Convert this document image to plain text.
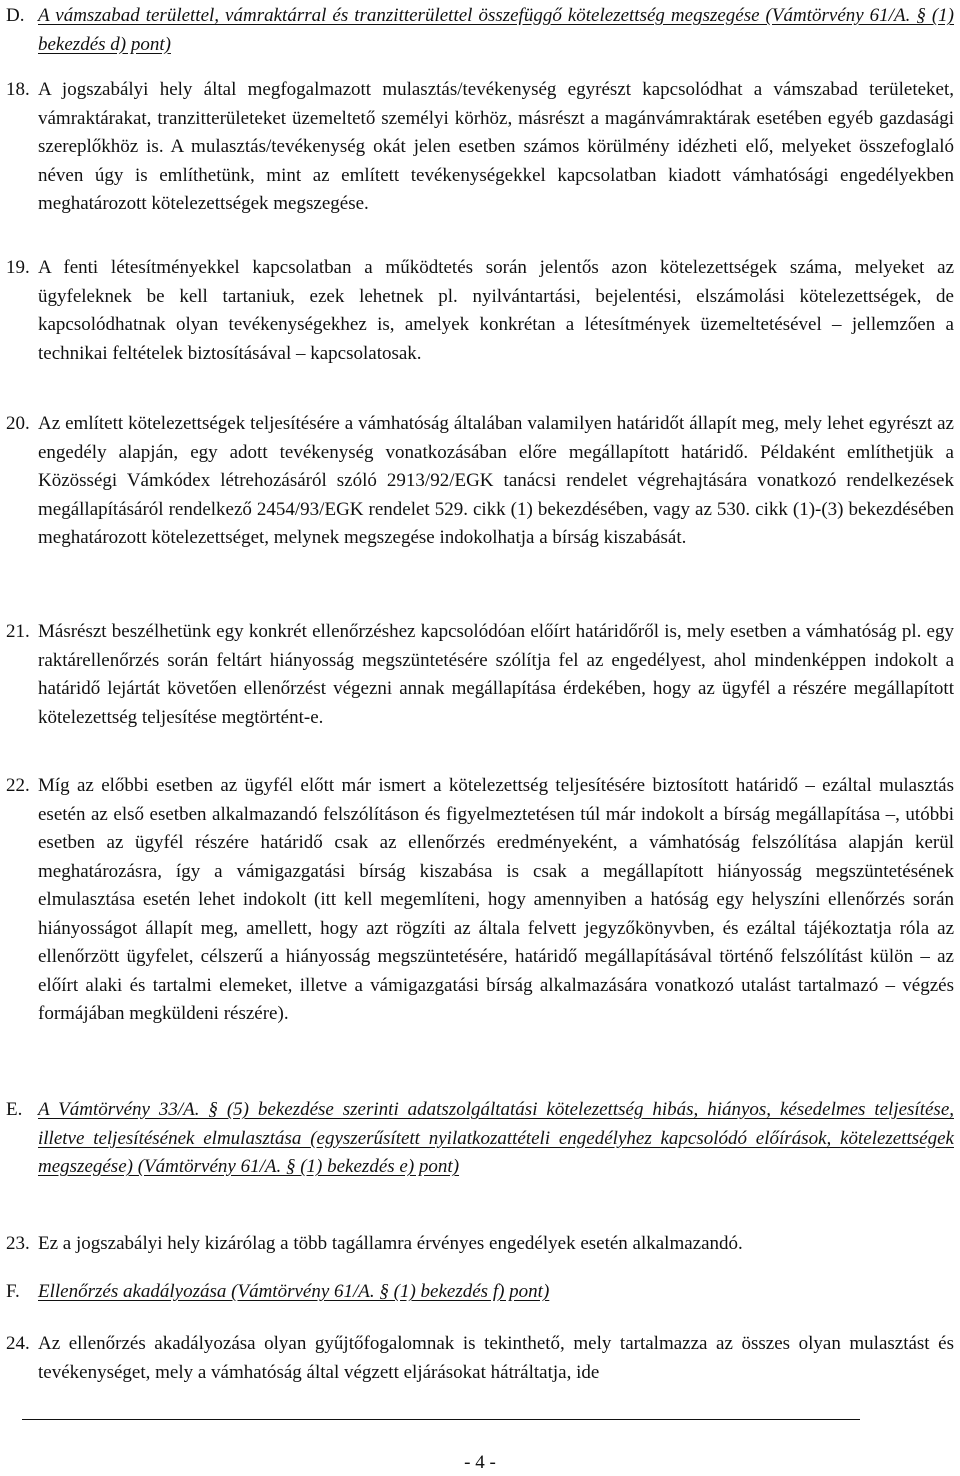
D. A vámszabad területtel, vámraktárral és tranzitterülettel összefüggő kötelezettség megszegése (Vámtörvény 61/A. § (1) bekezdés d) pont)
18. A jogszabályi hely által megfogalmazott mulasztás/tevékenység egyrészt kapcsolódhat a vámszabad területeket, vámraktárakat, tranzitterületeket üzemeltető személyi körhöz, másrészt a magánvámraktárak esetében egyéb gazdasági szereplőkhöz is. A mulasztás/tevékenység okát jelen esetben számos körülmény idézheti elő, melyeket összefoglaló néven úgy is említhetünk, mint az említett tevékenységekkel kapcsolatban kiadott vámhatósági engedélyekben meghatározott kötelezettségek megszegése.
19. A fenti létesítményekkel kapcsolatban a működtetés során jelentős azon kötelezettségek száma, melyeket az ügyfeleknek be kell tartaniuk, ezek lehetnek pl. nyilvántartási, bejelentési, elszámolási kötelezettségek, de kapcsolódhatnak olyan tevékenységekhez is, amelyek konkrétan a létesítmények üzemeltetésével – jellemzően a technikai feltételek biztosításával – kapcsolatosak.
20. Az említett kötelezettségek teljesítésére a vámhatóság általában valamilyen határidőt állapít meg, mely lehet egyrészt az engedély alapján, egy adott tevékenység vonatkozásában előre megállapított határidő. Példaként említhetjük a Közösségi Vámkódex létrehozásáról szóló 2913/92/EGK tanácsi rendelet végrehajtására vonatkozó rendelkezések megállapításáról rendelkező 2454/93/EGK rendelet 529. cikk (1) bekezdésében, vagy az 530. cikk (1)-(3) bekezdésében meghatározott kötelezettséget, melynek megszegése indokolhatja a bírság kiszabását.
21. Másrészt beszélhetünk egy konkrét ellenőrzéshez kapcsolódóan előírt határidőről is, mely esetben a vámhatóság pl. egy raktárellenőrzés során feltárt hiányosság megszüntetésére szólítja fel az engedélyest, ahol mindenképpen indokolt a határidő lejártát követően ellenőrzést végezni annak megállapítása érdekében, hogy az ügyfél a részére megállapított kötelezettség teljesítése megtörtént-e.
22. Míg az előbbi esetben az ügyfél előtt már ismert a kötelezettség teljesítésére biztosított határidő – ezáltal mulasztás esetén az első esetben alkalmazandó felszólításon és figyelmeztetésen túl már indokolt a bírság megállapítása –, utóbbi esetben az ügyfél részére határidő csak az ellenőrzés eredményeként, a vámhatóság felszólítása alapján kerül meghatározásra, így a vámigazgatási bírság kiszabása is csak a megállapított hiányosság megszüntetésének elmulasztása esetén lehet indokolt (itt kell megemlíteni, hogy amennyiben a hatóság egy helyszíni ellenőrzés során hiányosságot állapít meg, amellett, hogy azt rögzíti az általa felvett jegyzőkönyvben, és ezáltal tájékoztatja róla az ellenőrzött ügyfelet, célszerű a hiányosság megszüntetésére, határidő megállapításával történő felszólítást külön – az előírt alaki és tartalmi elemeket, illetve a vámigazgatási bírság alkalmazására vonatkozó utalást tartalmazó – végzés formájában megküldeni részére).
E. A Vámtörvény 33/A. § (5) bekezdése szerinti adatszolgáltatási kötelezettség hibás, hiányos, késedelmes teljesítése, illetve teljesítésének elmulasztása (egyszerűsített nyilatkozattételi engedélyhez kapcsolódó előírások, kötelezettségek megszegése) (Vámtörvény 61/A. § (1) bekezdés e) pont)
23. Ez a jogszabályi hely kizárólag a több tagállamra érvényes engedélyek esetén alkalmazandó.
F. Ellenőrzés akadályozása (Vámtörvény 61/A. § (1) bekezdés f) pont)
24. Az ellenőrzés akadályozása olyan gyűjtőfogalomnak is tekinthető, mely tartalmazza az összes olyan mulasztást és tevékenységet, mely a vámhatóság által végzett eljárásokat hátráltatja, ide
- 4 -
